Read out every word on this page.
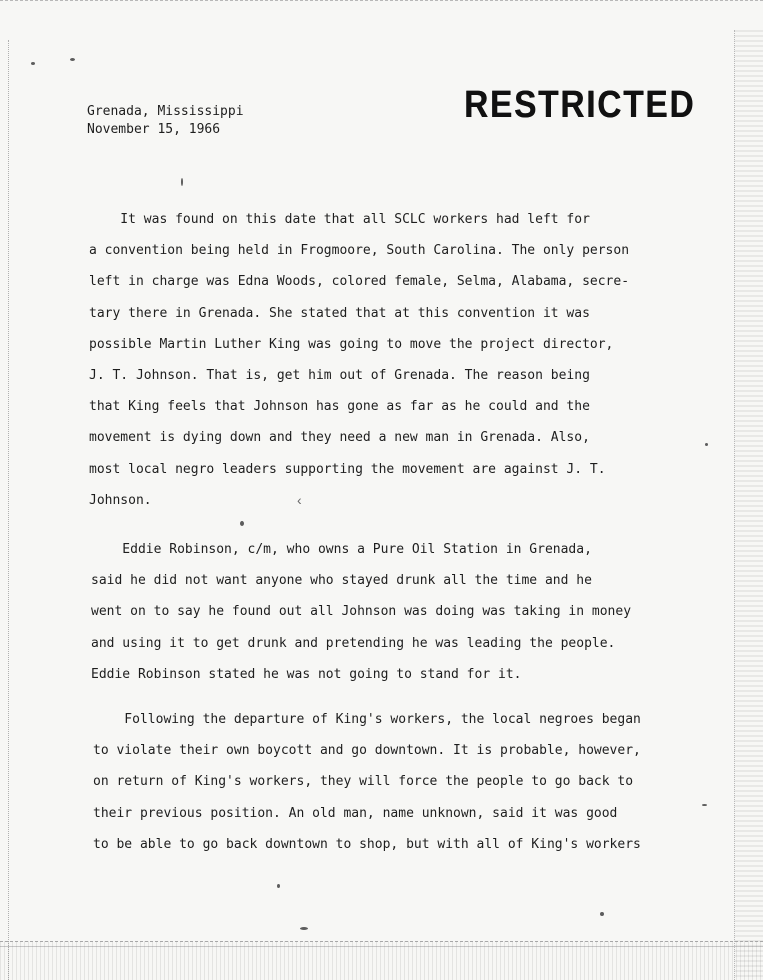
‹
Grenada, Mississippi
November 15, 1966
RESTRICTED
It was found on this date that all SCLC workers had left for
a convention being held in Frogmoore, South Carolina. The only person
left in charge was Edna Woods, colored female, Selma, Alabama, secre-
tary there in Grenada. She stated that at this convention it was
possible Martin Luther King was going to move the project director,
J. T. Johnson. That is, get him out of Grenada. The reason being
that King feels that Johnson has gone as far as he could and the
movement is dying down and they need a new man in Grenada. Also,
most local negro leaders supporting the movement are against J. T.
Johnson.
Eddie Robinson, c/m, who owns a Pure Oil Station in Grenada,
said he did not want anyone who stayed drunk all the time and he
went on to say he found out all Johnson was doing was taking in money
and using it to get drunk and pretending he was leading the people.
Eddie Robinson stated he was not going to stand for it.
Following the departure of King's workers, the local negroes began
to violate their own boycott and go downtown. It is probable, however,
on return of King's workers, they will force the people to go back to
their previous position. An old man, name unknown, said it was good
to be able to go back downtown to shop, but with all of King's workers
